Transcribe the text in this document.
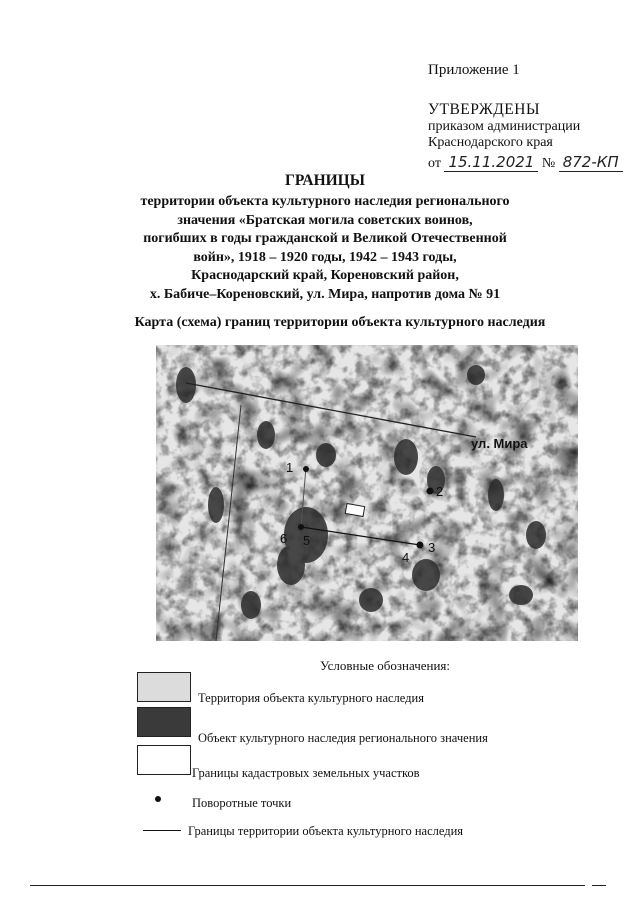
Приложение 1
УТВЕРЖДЕНЫ
приказом администрации
Краснодарского края
от 15.11.2021 № 872-КП
ГРАНИЦЫ
территории объекта культурного наследия регионального
значения «Братская могила советских воинов,
погибших в годы гражданской и Великой Отечественной
войн», 1918 – 1920 годы, 1942 – 1943 годы,
Краснодарский край, Кореновский район,
х. Бабиче–Кореновский, ул. Мира, напротив дома № 91
Карта (схема) границ территории объекта культурного наследия
ул. Мира
1
2
3
4
5
6
Условные обозначения:
Территория объекта культурного наследия
Объект культурного наследия регионального значения
Границы кадастровых земельных участков
Поворотные точки
Границы территории объекта культурного наследия
